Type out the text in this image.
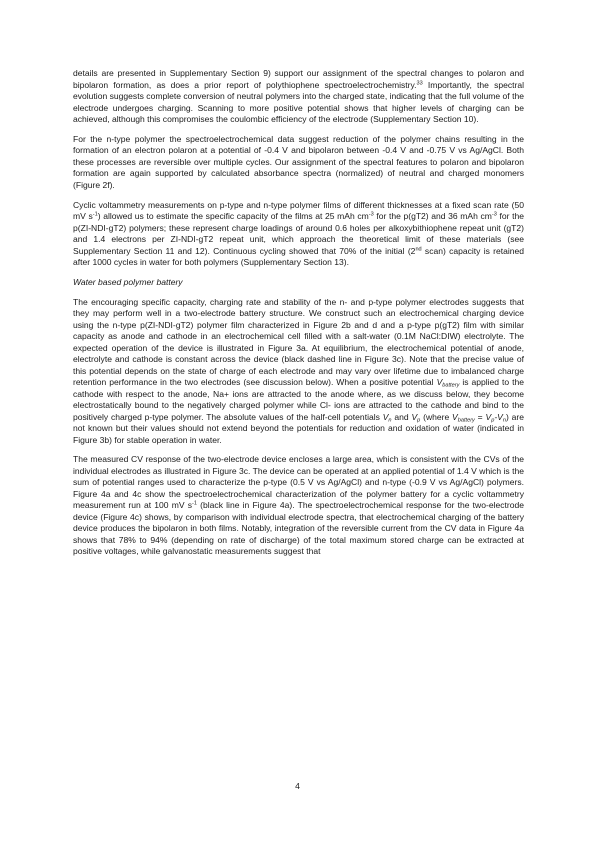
details are presented in Supplementary Section 9) support our assignment of the spectral changes to polaron and bipolaron formation, as does a prior report of polythiophene spectroelectrochemistry.$^{33}$ Importantly, the spectral evolution suggests complete conversion of neutral polymers into the charged state, indicating that the full volume of the electrode undergoes charging. Scanning to more positive potential shows that higher levels of charging can be achieved, although this compromises the coulombic efficiency of the electrode (Supplementary Section 10).

For the n-type polymer the spectroelectrochemical data suggest reduction of the polymer chains resulting in the formation of an electron polaron at a potential of -0.4 V and bipolaron between -0.4 V and -0.75 V vs Ag/AgCl. Both these processes are reversible over multiple cycles. Our assignment of the spectral features to polaron and bipolaron formation are again supported by calculated absorbance spectra (normalized) of neutral and charged monomers (Figure 2f).

Cyclic voltammetry measurements on p-type and n-type polymer films of different thicknesses at a fixed scan rate (50 mV $s^{-1}$) allowed us to estimate the specific capacity of the films at 25 mAh $cm^{-3}$ for the p(gT2) and 36 mAh $cm^{-3}$ for the p(ZI-NDI-gT2) polymers; these represent charge loadings of around 0.6 holes per alkoxybithiophene repeat unit (gT2) and 1.4 electrons per ZI-NDI-gT2 repeat unit, which approach the theoretical limit of these materials (see Supplementary Section 11 and 12). Continuous cycling showed that 70% of the initial (2nd scan) capacity is retained after 1000 cycles in water for both polymers (Supplementary Section 13).

Water based polymer battery

The encouraging specific capacity, charging rate and stability of the n- and p-type polymer electrodes suggests that they may perform well in a two-electrode battery structure. We construct such an electrochemical charging device using the n-type p(ZI-NDI-gT2) polymer film characterized in Figure 2b and d and a p-type p(gT2) film with similar capacity as anode and cathode in an electrochemical cell filled with a salt-water (0.1M NaCl:DIW) electrolyte. The expected operation of the device is illustrated in Figure 3a. At equilibrium, the electrochemical potential of anode, electrolyte and cathode is constant across the device (black dashed line in Figure 3c). Note that the precise value of this potential depends on the state of charge of each electrode and may vary over lifetime due to imbalanced charge retention performance in the two electrodes (see discussion below). When a positive potential $V_{battery}$ is applied to the cathode with respect to the anode, Na+ ions are attracted to the anode where, as we discuss below, they become electrostatically bound to the negatively charged polymer while Cl- ions are attracted to the cathode and bind to the positively charged p-type polymer. The absolute values of the half-cell potentials $V_n$ and $V_p$ (where $V_{battery} = V_p-V_n$) are not known but their values should not extend beyond the potentials for reduction and oxidation of water (indicated in Figure 3b) for stable operation in water.

The measured CV response of the two-electrode device encloses a large area, which is consistent with the CVs of the individual electrodes as illustrated in Figure 3c. The device can be operated at an applied potential of 1.4 V which is the sum of potential ranges used to characterize the p-type (0.5 V vs Ag/AgCl) and n-type (-0.9 V vs Ag/AgCl) polymers. Figure 4a and 4c show the spectroelectrochemical characterization of the polymer battery for a cyclic voltammetry measurement run at 100 mV $s^{-1}$ (black line in Figure 4a). The spectroelectrochemical response for the two-electrode device (Figure 4c) shows, by comparison with individual electrode spectra, that electrochemical charging of the battery device produces the bipolaron in both films. Notably, integration of the reversible current from the CV data in Figure 4a shows that 78% to 94% (depending on rate of discharge) of the total maximum stored charge can be extracted at positive voltages, while galvanostatic measurements suggest that

4
